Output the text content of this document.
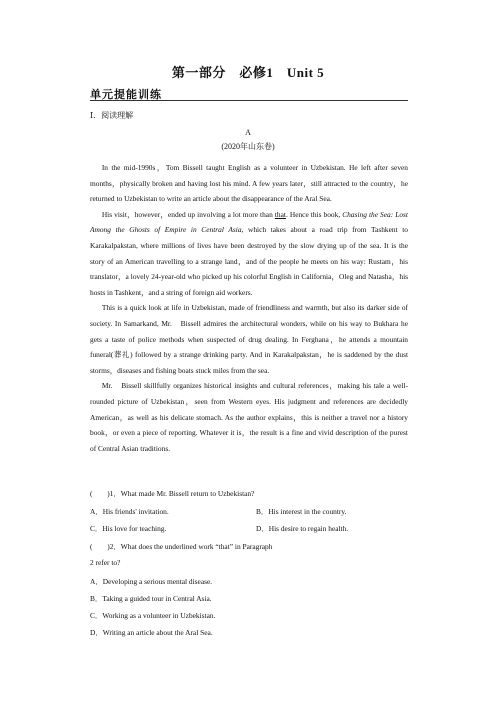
第一部分　必修1　Unit 5
单元提能训练
Ⅰ．阅读理解
A
(2020年山东卷)

In the mid-1990s，Tom Bissell taught English as a volunteer in Uzbekistan. He left after seven months，physically broken and having lost his mind. A few years later，still attracted to the country，he returned to Uzbekistan to write an article about the disappearance of the Aral Sea.

His visit，however，ended up involving a lot more than that. Hence this book, Chasing the Sea: Lost Among the Ghosts of Empire in Central Asia, which takes about a road trip from Tashkent to Karakalpakstan, where millions of lives have been destroyed by the slow drying up of the sea. It is the story of an American travelling to a strange land，and of the people he meets on his way: Rustam，his translator，a lovely 24-year-old who picked up his colorful English in California，Oleg and Natasha，his hosts in Tashkent，and a string of foreign aid workers.

This is a quick look at life in Uzbekistan, made of friendliness and warmth, but also its darker side of society. In Samarkand, Mr.　Bissell admires the architectural wonders, while on his way to Bukhara he gets a taste of police methods when suspected of drug dealing. In Ferghana，he attends a mountain funeral(葬礼) followed by a strange drinking party. And in Karakalpakstan，he is saddened by the dust storms，diseases and fishing boats stuck miles from the sea.

Mr.　Bissell skillfully organizes historical insights and cultural references，making his tale a well-rounded picture of Uzbekistan，seen from Western eyes. His judgment and references are decidedly American，as well as his delicate stomach. As the author explains，this is neither a travel nor a history book，or even a piece of reporting. Whatever it is，the result is a fine and vivid description of the purest of Central Asian traditions.

(　　)1．What made Mr. Bissell return to Uzbekistan?
A．His friends' invitation.	B．His interest in the country.
C．His love for teaching.	D．His desire to regain health.
(　　)2．What does the underlined work “that” in Paragraph
2 refer to?
A．Developing a serious mental disease.
B．Taking a guided tour in Central Asia.
C．Working as a volunteer in Uzbekistan.
D．Writing an article about the Aral Sea.
